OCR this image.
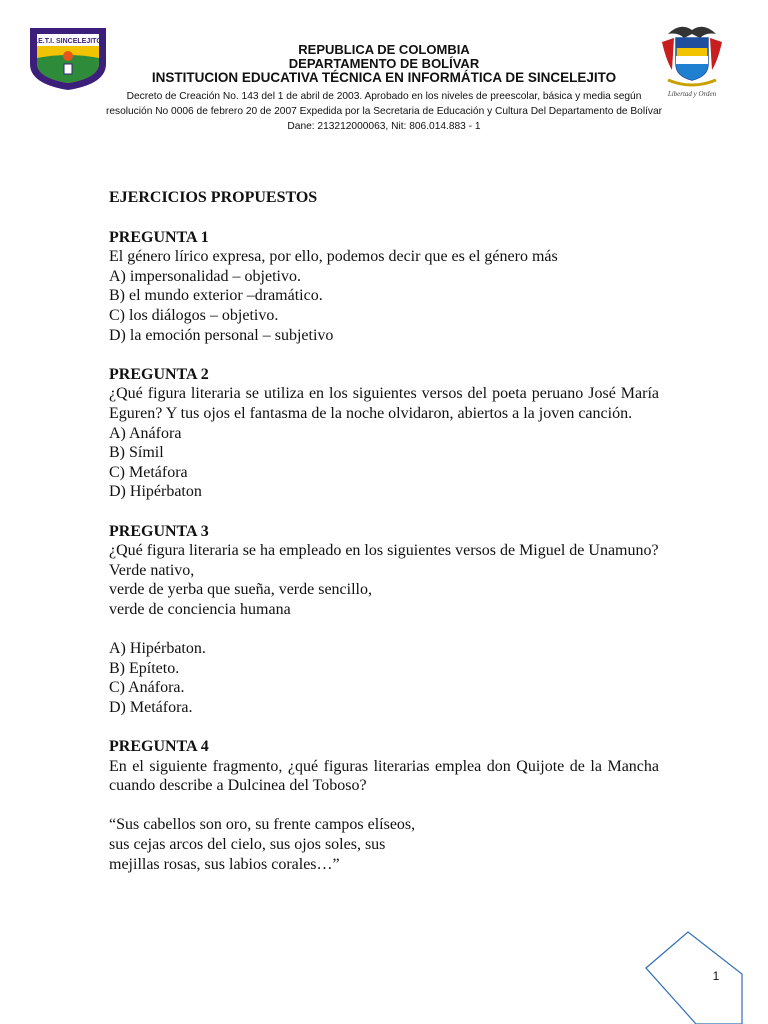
I.E.T.I. SINCELEJITO
REPUBLICA DE COLOMBIA
DEPARTAMENTO DE BOLÍVAR
INSTITUCION EDUCATIVA TÉCNICA EN INFORMÁTICA DE SINCELEJITO
Decreto de Creación No. 143 del 1 de abril de 2003. Aprobado en los niveles de preescolar, básica y media según resolución No 0006 de febrero 20 de 2007 Expedida por la Secretaria de Educación y Cultura Del Departamento de Bolívar Dane: 213212000063, Nit: 806.014.883 - 1
Libertad y Orden
EJERCICIOS PROPUESTOS
PREGUNTA 1
El género lírico expresa, por ello, podemos decir que es el género más
A) impersonalidad – objetivo.
B) el mundo exterior –dramático.
C) los diálogos – objetivo.
D) la emoción personal – subjetivo
PREGUNTA 2
¿Qué figura literaria se utiliza en los siguientes versos del poeta peruano José María Eguren? Y tus ojos el fantasma de la noche olvidaron, abiertos a la joven canción.
A) Anáfora
B) Símil
C) Metáfora
D) Hipérbaton
PREGUNTA 3
¿Qué figura literaria se ha empleado en los siguientes versos de Miguel de Unamuno?
Verde nativo,
verde de yerba que sueña, verde sencillo,
verde de conciencia humana
A) Hipérbaton.
B) Epíteto.
C) Anáfora.
D) Metáfora.
PREGUNTA 4
En el siguiente fragmento, ¿qué figuras literarias emplea don Quijote de la Mancha cuando describe a Dulcinea del Toboso?
“Sus cabellos son oro, su frente campos elíseos,
sus cejas arcos del cielo, sus ojos soles, sus
mejillas rosas, sus labios corales…”
1
